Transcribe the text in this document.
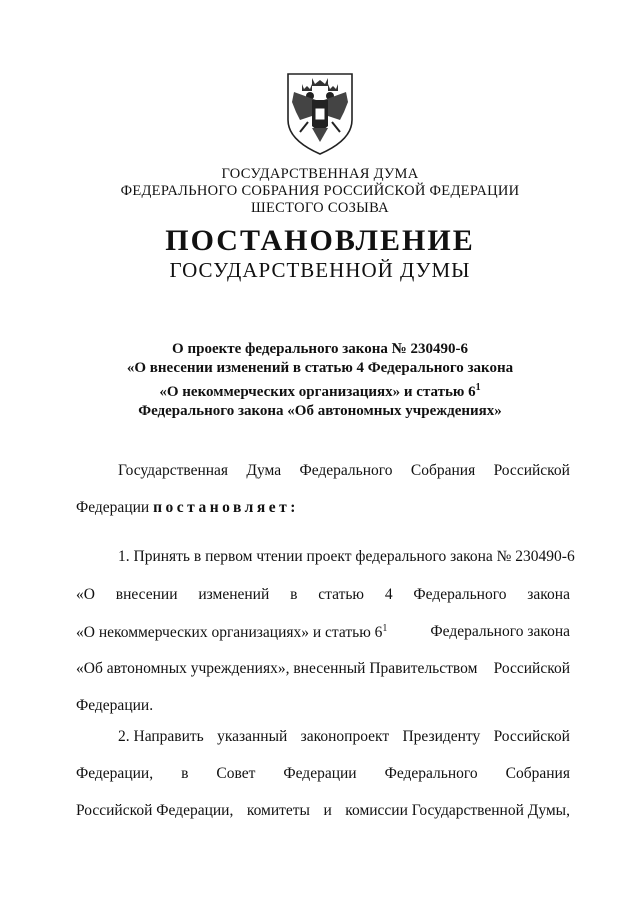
ГОСУДАРСТВЕННАЯ ДУМА
ФЕДЕРАЛЬНОГО СОБРАНИЯ РОССИЙСКОЙ ФЕДЕРАЦИИ
ШЕСТОГО СОЗЫВА
ПОСТАНОВЛЕНИЕ
ГОСУДАРСТВЕННОЙ ДУМЫ
О проекте федерального закона № 230490-6
«О внесении изменений в статью 4 Федерального закона
«О некоммерческих организациях» и статью $6^1$
Федерального закона «Об автономных учреждениях»
Государственная Дума Федерального Собрания Российской
Федерации постановляет:
1. Принять в первом чтении проект федерального закона № 230490-6
«О внесении изменений в статью 4 Федерального закона
«О некоммерческих организациях» и статью $6^1$	Федерального закона
«Об автономных учреждениях», внесенный Правительством Российской
Федерации.
2. Направить указанный законопроект Президенту Российской
Федерации, в Совет Федерации Федерального Собрания
Российской Федерации, комитеты и комиссии Государственной Думы,
